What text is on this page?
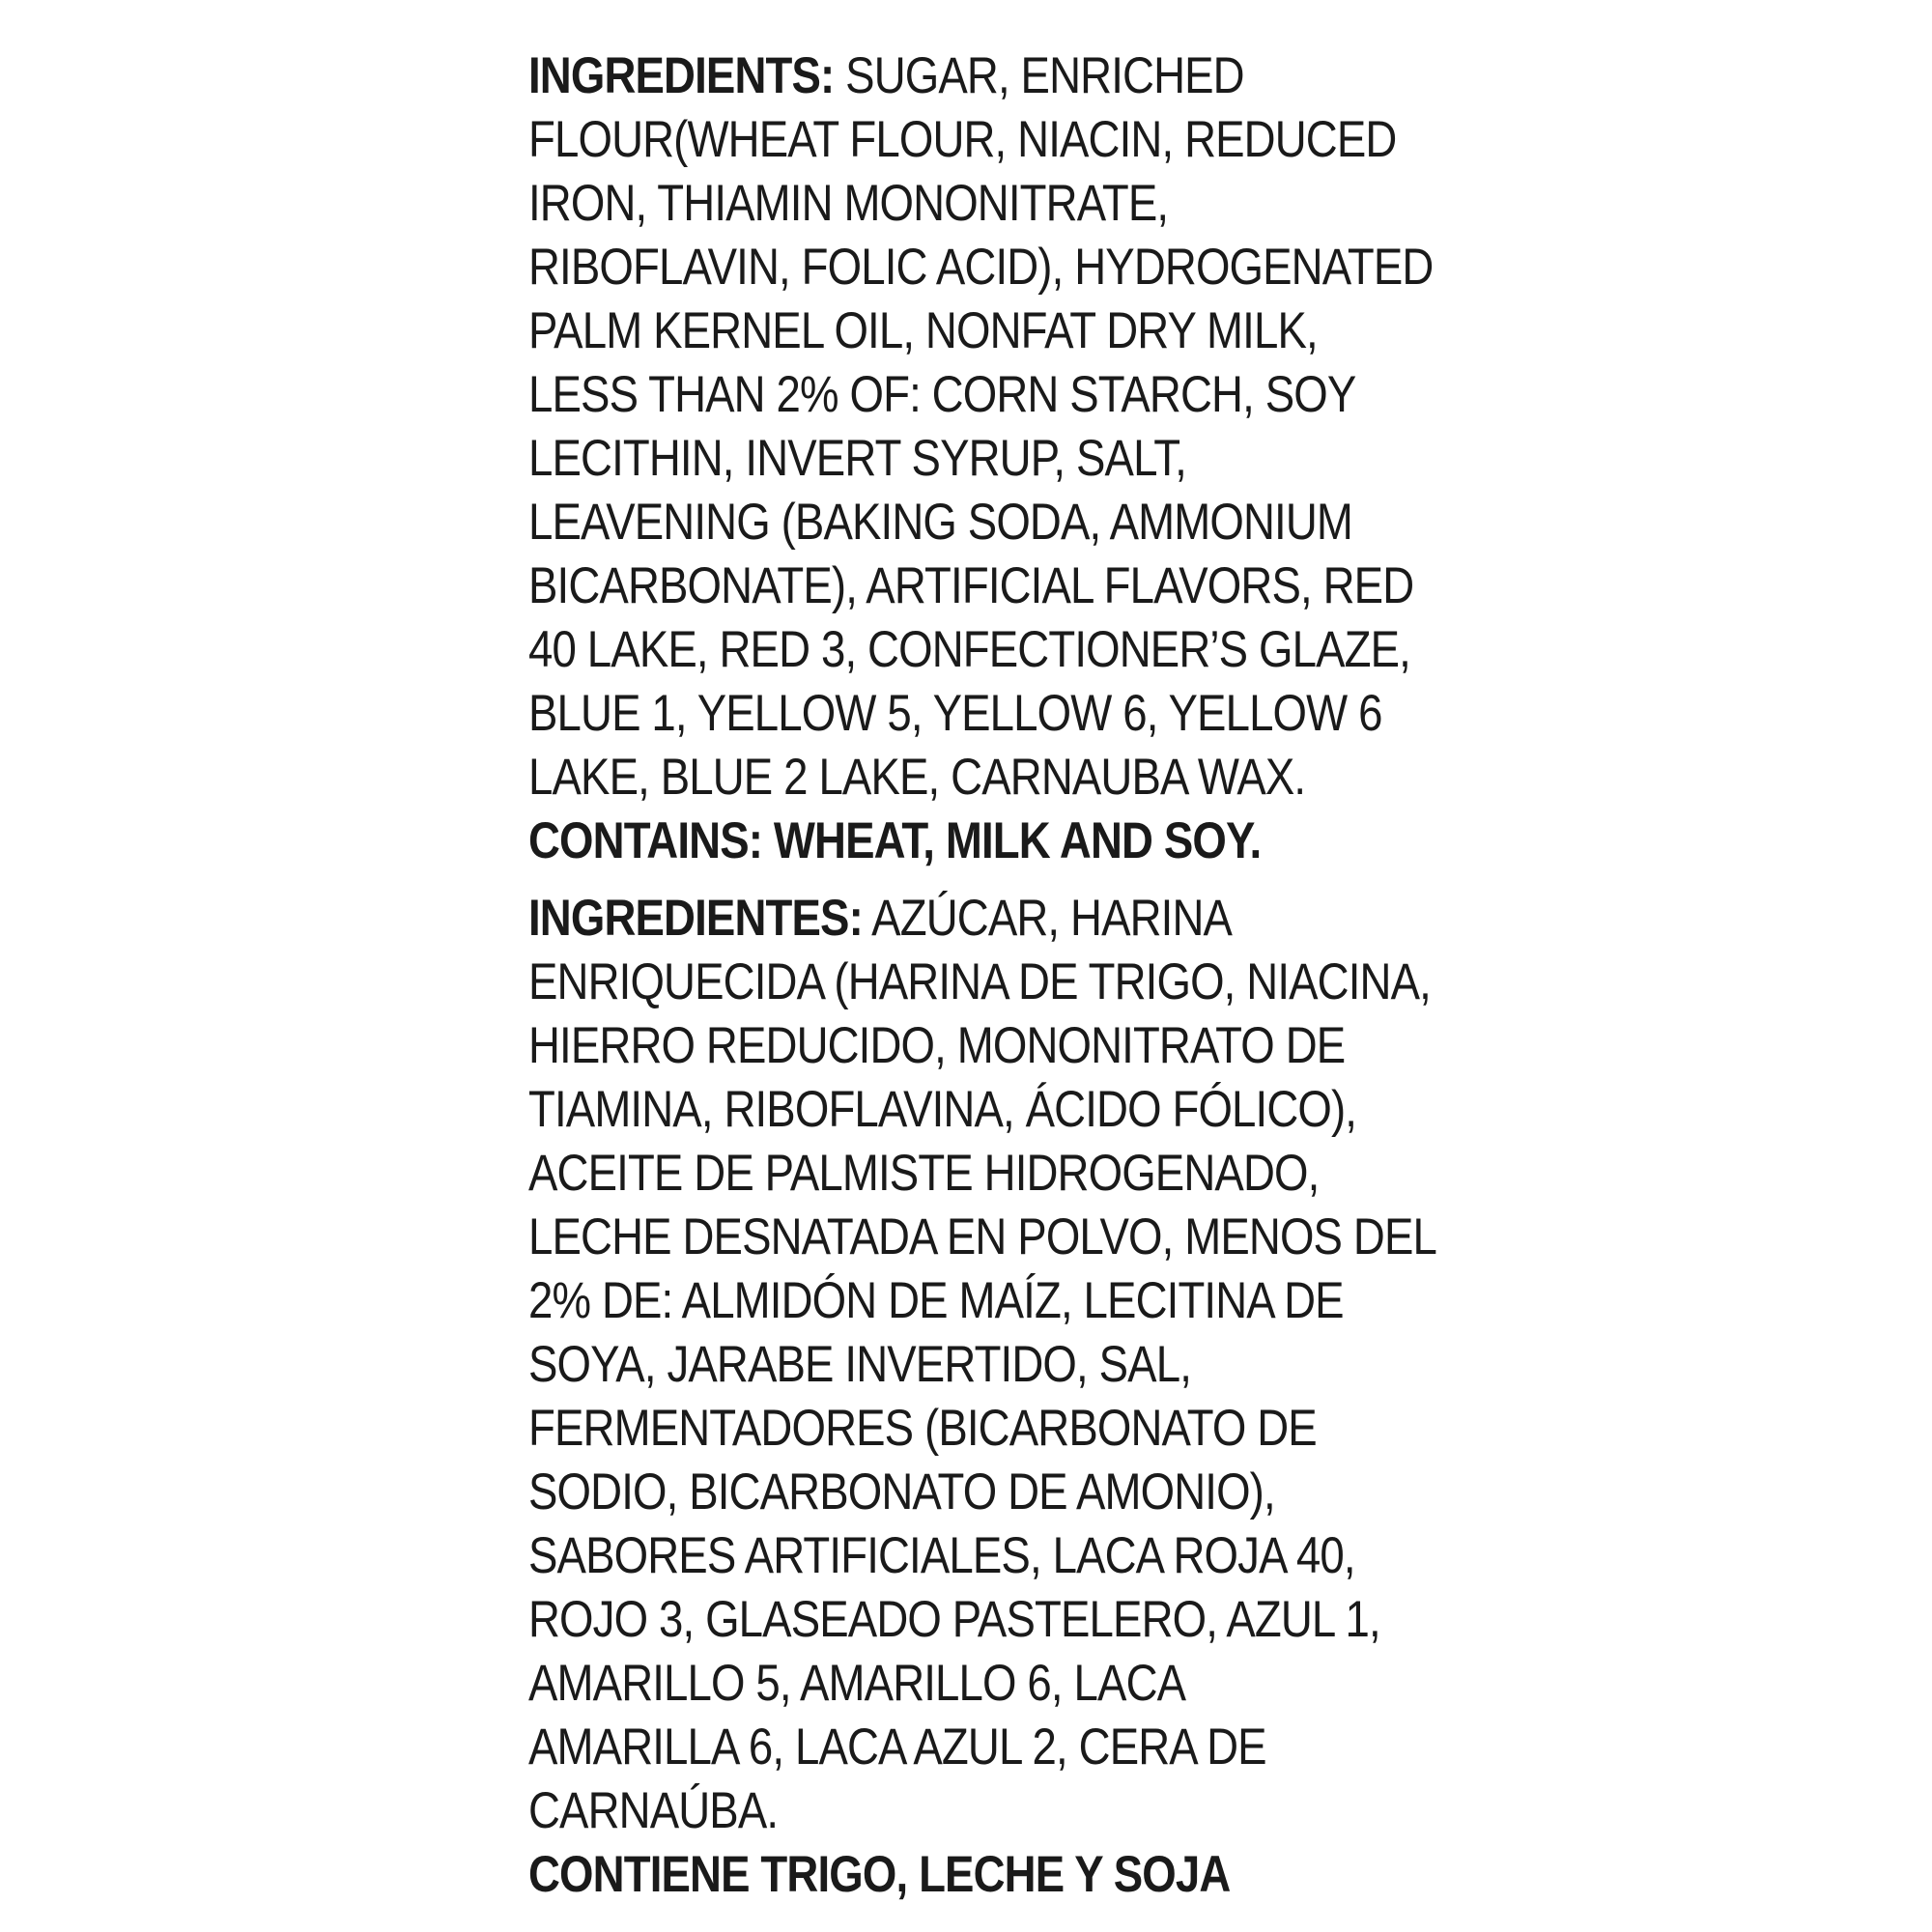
INGREDIENTS: SUGAR, ENRICHED
FLOUR(WHEAT FLOUR, NIACIN, REDUCED
IRON, THIAMIN MONONITRATE,
RIBOFLAVIN, FOLIC ACID), HYDROGENATED
PALM KERNEL OIL, NONFAT DRY MILK,
LESS THAN 2% OF: CORN STARCH, SOY
LECITHIN, INVERT SYRUP, SALT,
LEAVENING (BAKING SODA, AMMONIUM
BICARBONATE), ARTIFICIAL FLAVORS, RED
40 LAKE, RED 3, CONFECTIONER’S GLAZE,
BLUE 1, YELLOW 5, YELLOW 6, YELLOW 6
LAKE, BLUE 2 LAKE, CARNAUBA WAX.
CONTAINS: WHEAT, MILK AND SOY.
INGREDIENTES: AZÚCAR, HARINA
ENRIQUECIDA (HARINA DE TRIGO, NIACINA,
HIERRO REDUCIDO, MONONITRATO DE
TIAMINA, RIBOFLAVINA, ÁCIDO FÓLICO),
ACEITE DE PALMISTE HIDROGENADO,
LECHE DESNATADA EN POLVO, MENOS DEL
2% DE: ALMIDÓN DE MAÍZ, LECITINA DE
SOYA, JARABE INVERTIDO, SAL,
FERMENTADORES (BICARBONATO DE
SODIO, BICARBONATO DE AMONIO),
SABORES ARTIFICIALES, LACA ROJA 40,
ROJO 3, GLASEADO PASTELERO, AZUL 1,
AMARILLO 5, AMARILLO 6, LACA
AMARILLA 6, LACA AZUL 2, CERA DE
CARNAÚBA.
CONTIENE TRIGO, LECHE Y SOJA
